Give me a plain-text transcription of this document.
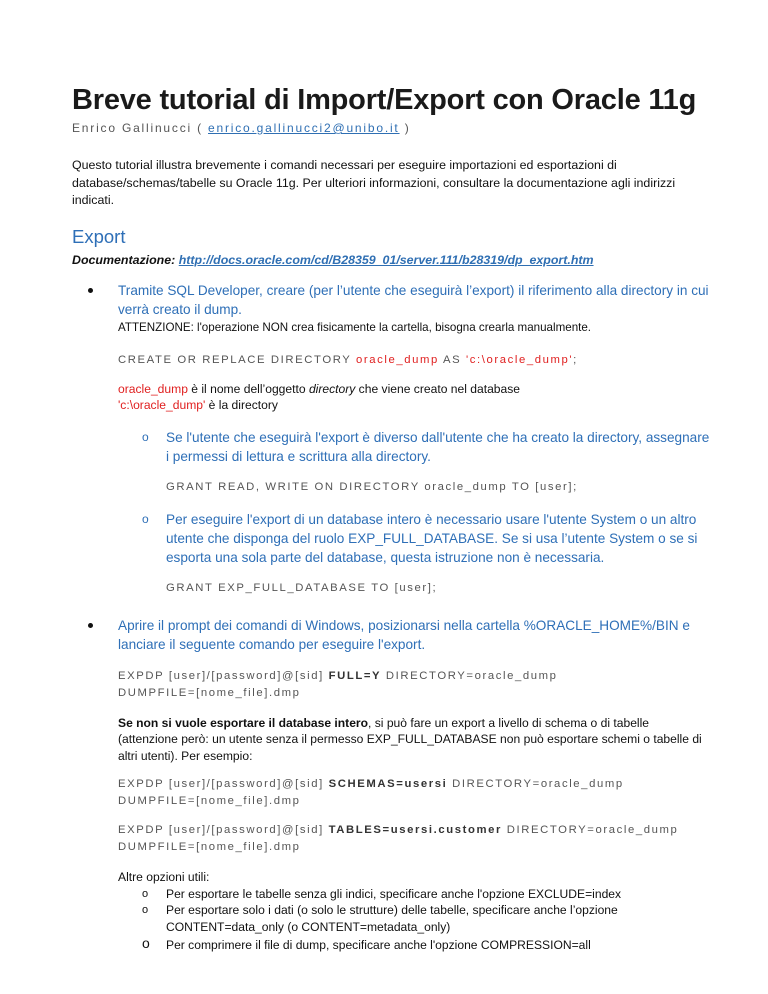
Breve tutorial di Import/Export con Oracle 11g
Enrico Gallinucci ( enrico.gallinucci2@unibo.it )
Questo tutorial illustra brevemente i comandi necessari per eseguire importazioni ed esportazioni di database/schemas/tabelle su Oracle 11g. Per ulteriori informazioni, consultare la documentazione agli indirizzi indicati.
Export
Documentazione: http://docs.oracle.com/cd/B28359_01/server.111/b28319/dp_export.htm
Tramite SQL Developer, creare (per l’utente che eseguirà l’export) il riferimento alla directory in cui verrà creato il dump.
ATTENZIONE: l'operazione NON crea fisicamente la cartella, bisogna crearla manualmente.
CREATE OR REPLACE DIRECTORY oracle_dump AS 'c:\oracle_dump';
oracle_dump è il nome dell’oggetto directory che viene creato nel database
'c:\oracle_dump' è la directory
o Se l'utente che eseguirà l'export è diverso dall'utente che ha creato la directory, assegnare i permessi di lettura e scrittura alla directory.
GRANT READ, WRITE ON DIRECTORY oracle_dump TO [user];
o Per eseguire l'export di un database intero è necessario usare l'utente System o un altro utente che disponga del ruolo EXP_FULL_DATABASE. Se si usa l’utente System o se si esporta una sola parte del database, questa istruzione non è necessaria.
GRANT EXP_FULL_DATABASE TO [user];
Aprire il prompt dei comandi di Windows, posizionarsi nella cartella %ORACLE_HOME%/BIN e lanciare il seguente comando per eseguire l'export.
EXPDP [user]/[password]@[sid] FULL=Y DIRECTORY=oracle_dump
DUMPFILE=[nome_file].dmp
Se non si vuole esportare il database intero, si può fare un export a livello di schema o di tabelle (attenzione però: un utente senza il permesso EXP_FULL_DATABASE non può esportare schemi o tabelle di altri utenti). Per esempio:
EXPDP [user]/[password]@[sid] SCHEMAS=usersi DIRECTORY=oracle_dump
DUMPFILE=[nome_file].dmp
EXPDP [user]/[password]@[sid] TABLES=usersi.customer DIRECTORY=oracle_dump
DUMPFILE=[nome_file].dmp
Altre opzioni utili:
o Per esportare le tabelle senza gli indici, specificare anche l'opzione EXCLUDE=index
o Per esportare solo i dati (o solo le strutture) delle tabelle, specificare anche l’opzione CONTENT=data_only (o CONTENT=metadata_only)
o Per comprimere il file di dump, specificare anche l'opzione COMPRESSION=all
